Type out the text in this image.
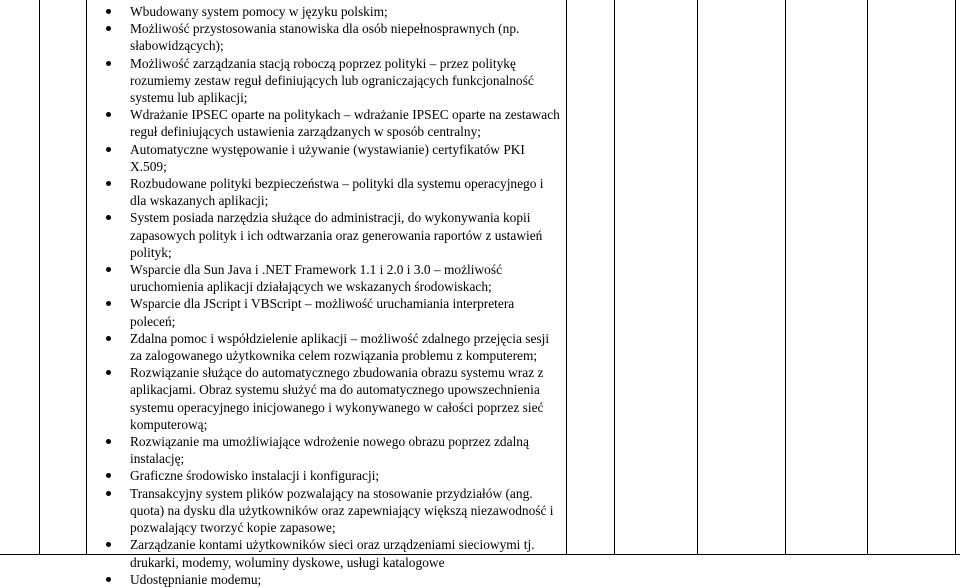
Wbudowany system pomocy w języku polskim;
Możliwość przystosowania stanowiska dla osób niepełnosprawnych (np. słabowidzących);
Możliwość zarządzania stacją roboczą poprzez polityki – przez politykę rozumiemy zestaw reguł definiujących lub ograniczających funkcjonalność systemu lub aplikacji;
Wdrażanie IPSEC oparte na politykach – wdrażanie IPSEC oparte na zestawach reguł definiujących ustawienia zarządzanych w sposób centralny;
Automatyczne występowanie i używanie (wystawianie) certyfikatów PKI X.509;
Rozbudowane polityki bezpieczeństwa – polityki dla systemu operacyjnego i dla wskazanych aplikacji;
System posiada narzędzia służące do administracji, do wykonywania kopii zapasowych polityk i ich odtwarzania oraz generowania raportów z ustawień polityk;
Wsparcie dla Sun Java i .NET Framework 1.1 i 2.0 i 3.0 – możliwość uruchomienia aplikacji działających we wskazanych środowiskach;
Wsparcie dla JScript i VBScript – możliwość uruchamiania interpretera poleceń;
Zdalna pomoc i współdzielenie aplikacji – możliwość zdalnego przejęcia sesji za zalogowanego użytkownika celem rozwiązania problemu z komputerem;
Rozwiązanie służące do automatycznego zbudowania obrazu systemu wraz z aplikacjami. Obraz systemu służyć ma do automatycznego upowszechnienia systemu operacyjnego inicjowanego i wykonywanego w całości poprzez sieć komputerową;
Rozwiązanie ma umożliwiające wdrożenie nowego obrazu poprzez zdalną instalację;
Graficzne środowisko instalacji i konfiguracji;
Transakcyjny system plików pozwalający na stosowanie przydziałów (ang. quota) na dysku dla użytkowników oraz zapewniający większą niezawodność i pozwalający tworzyć kopie zapasowe;
Zarządzanie kontami użytkowników sieci oraz urządzeniami sieciowymi tj. drukarki, modemy, woluminy dyskowe, usługi katalogowe
Udostępnianie modemu;
